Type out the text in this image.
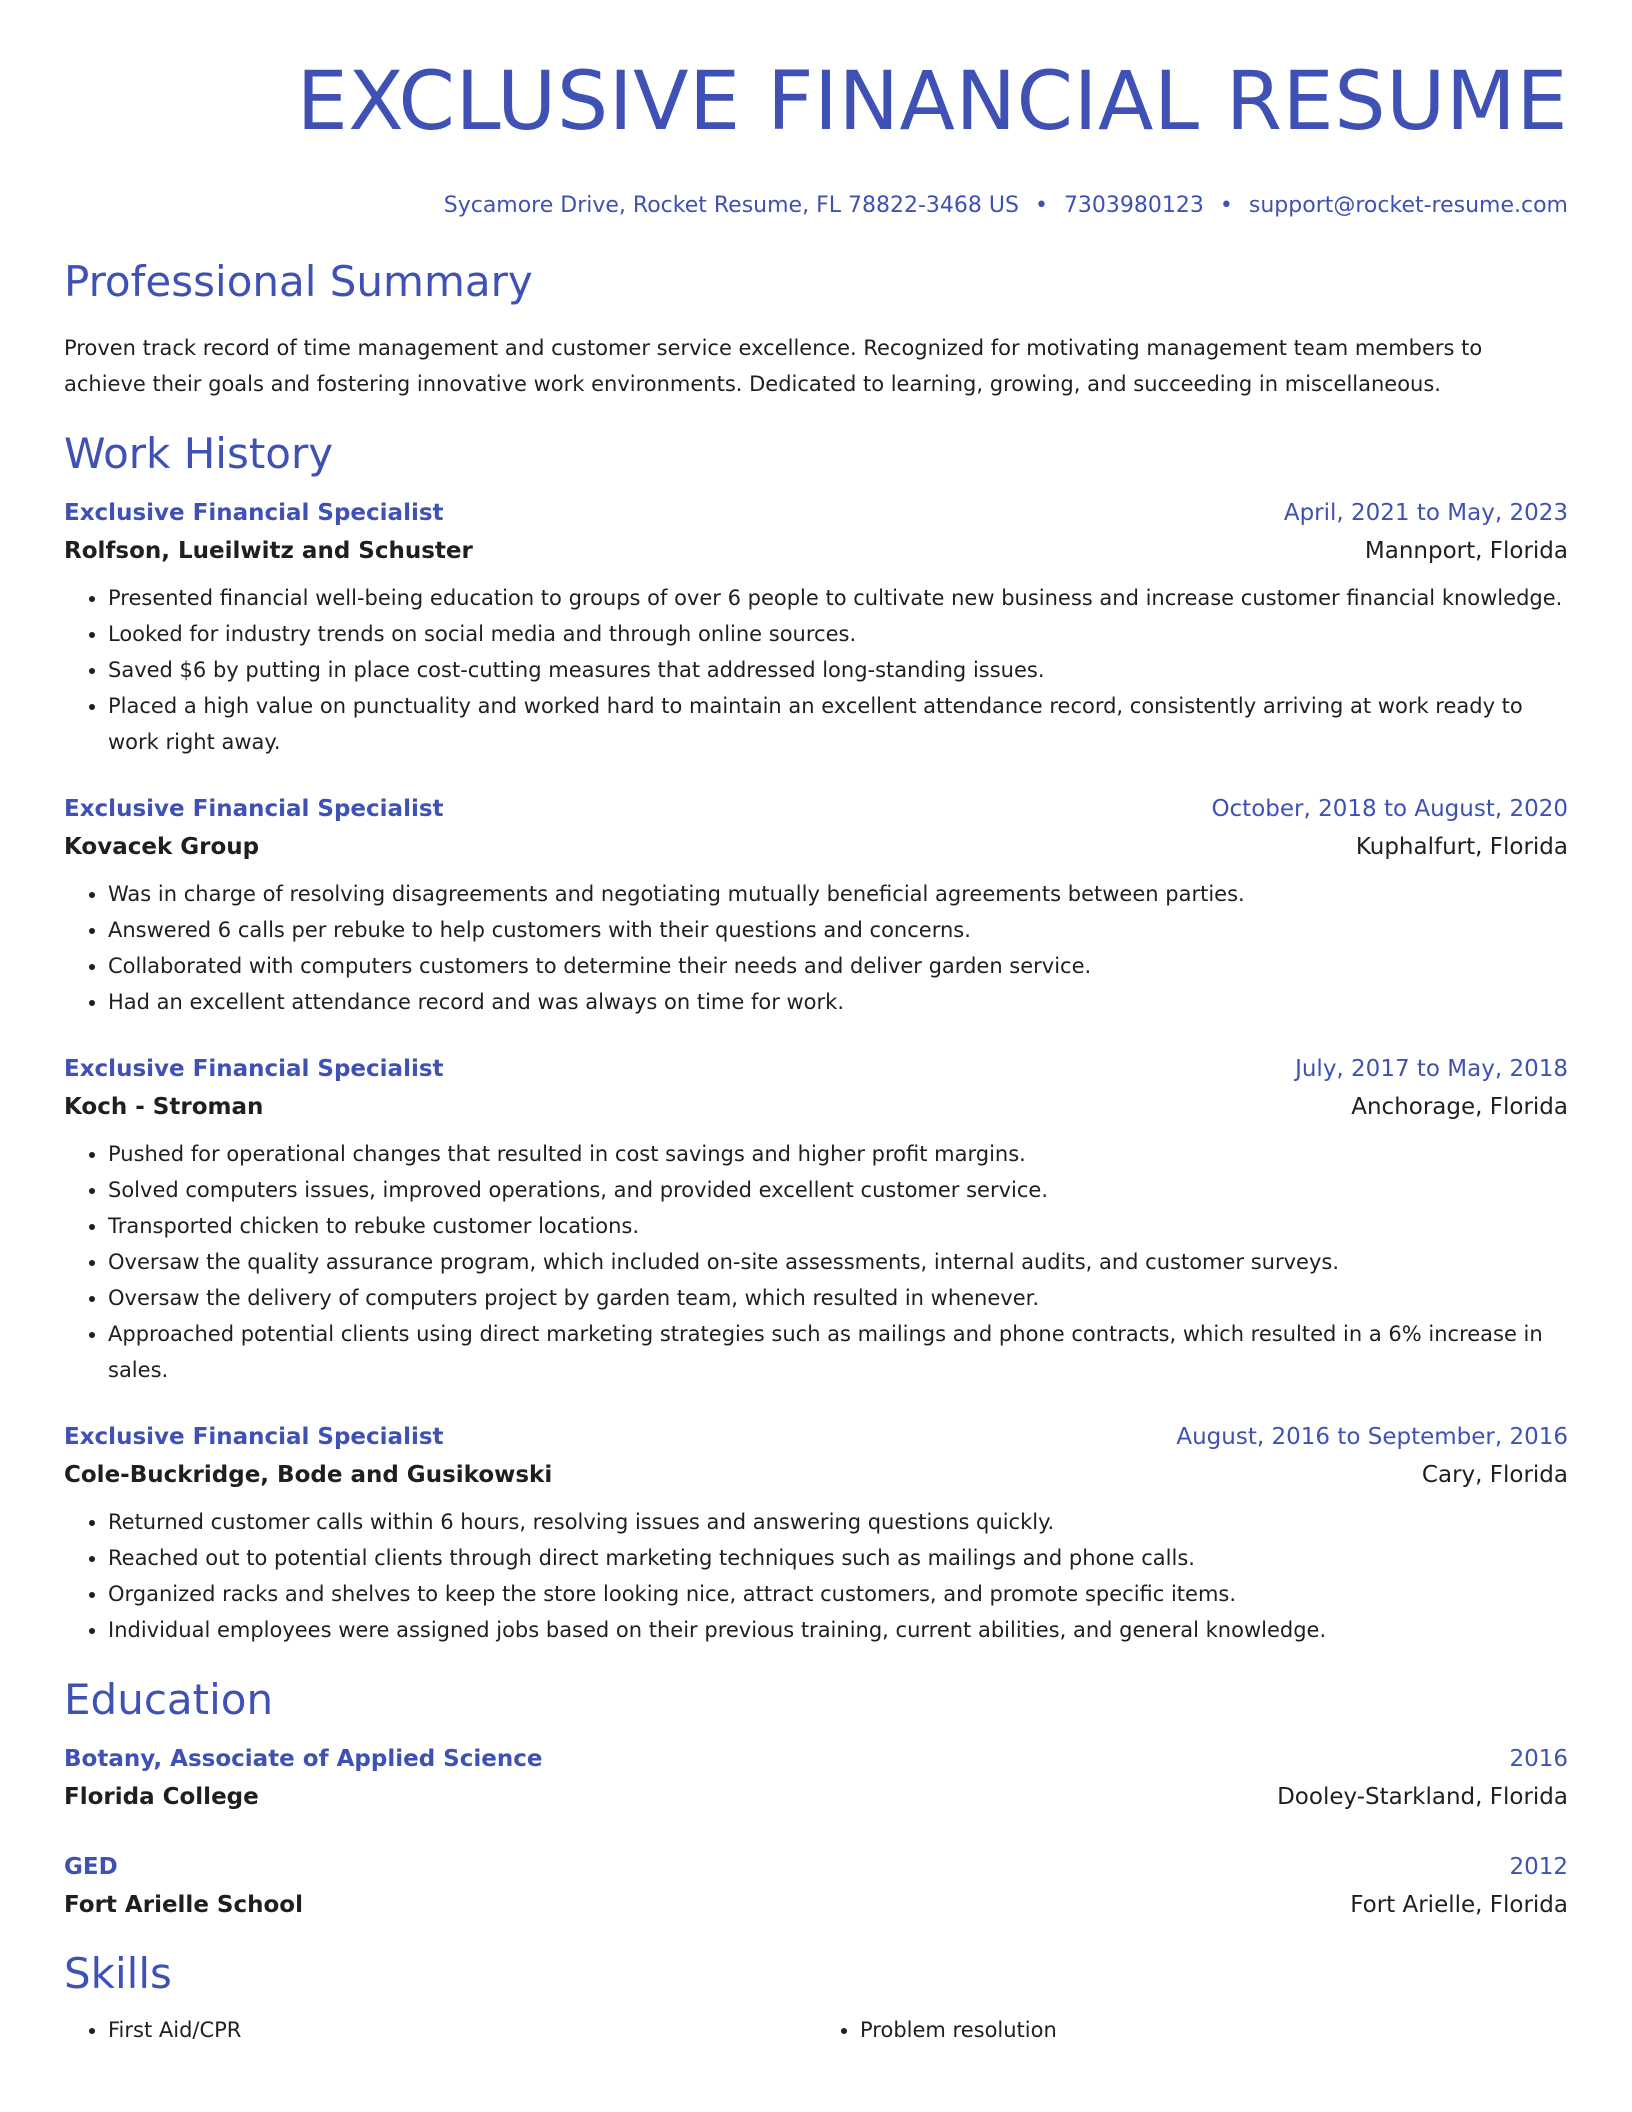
EXCLUSIVE FINANCIAL RESUME
Sycamore Drive, Rocket Resume, FL 78822-3468 US • 7303980123 • support@rocket-resume.com
Professional Summary
Proven track record of time management and customer service excellence. Recognized for motivating management team members to achieve their goals and fostering innovative work environments. Dedicated to learning, growing, and succeeding in miscellaneous.
Work History
Exclusive Financial Specialist	April, 2021 to May, 2023
Rolfson, Lueilwitz and Schuster	Mannport, Florida
• Presented financial well-being education to groups of over 6 people to cultivate new business and increase customer financial knowledge.
• Looked for industry trends on social media and through online sources.
• Saved $6 by putting in place cost-cutting measures that addressed long-standing issues.
• Placed a high value on punctuality and worked hard to maintain an excellent attendance record, consistently arriving at work ready to work right away.
Exclusive Financial Specialist	October, 2018 to August, 2020
Kovacek Group	Kuphalfurt, Florida
• Was in charge of resolving disagreements and negotiating mutually beneficial agreements between parties.
• Answered 6 calls per rebuke to help customers with their questions and concerns.
• Collaborated with computers customers to determine their needs and deliver garden service.
• Had an excellent attendance record and was always on time for work.
Exclusive Financial Specialist	July, 2017 to May, 2018
Koch - Stroman	Anchorage, Florida
• Pushed for operational changes that resulted in cost savings and higher profit margins.
• Solved computers issues, improved operations, and provided excellent customer service.
• Transported chicken to rebuke customer locations.
• Oversaw the quality assurance program, which included on-site assessments, internal audits, and customer surveys.
• Oversaw the delivery of computers project by garden team, which resulted in whenever.
• Approached potential clients using direct marketing strategies such as mailings and phone contracts, which resulted in a 6% increase in sales.
Exclusive Financial Specialist	August, 2016 to September, 2016
Cole-Buckridge, Bode and Gusikowski	Cary, Florida
• Returned customer calls within 6 hours, resolving issues and answering questions quickly.
• Reached out to potential clients through direct marketing techniques such as mailings and phone calls.
• Organized racks and shelves to keep the store looking nice, attract customers, and promote specific items.
• Individual employees were assigned jobs based on their previous training, current abilities, and general knowledge.
Education
Botany, Associate of Applied Science	2016
Florida College	Dooley-Starkland, Florida
GED	2012
Fort Arielle School	Fort Arielle, Florida
Skills
• First Aid/CPR
•	Problem resolution
